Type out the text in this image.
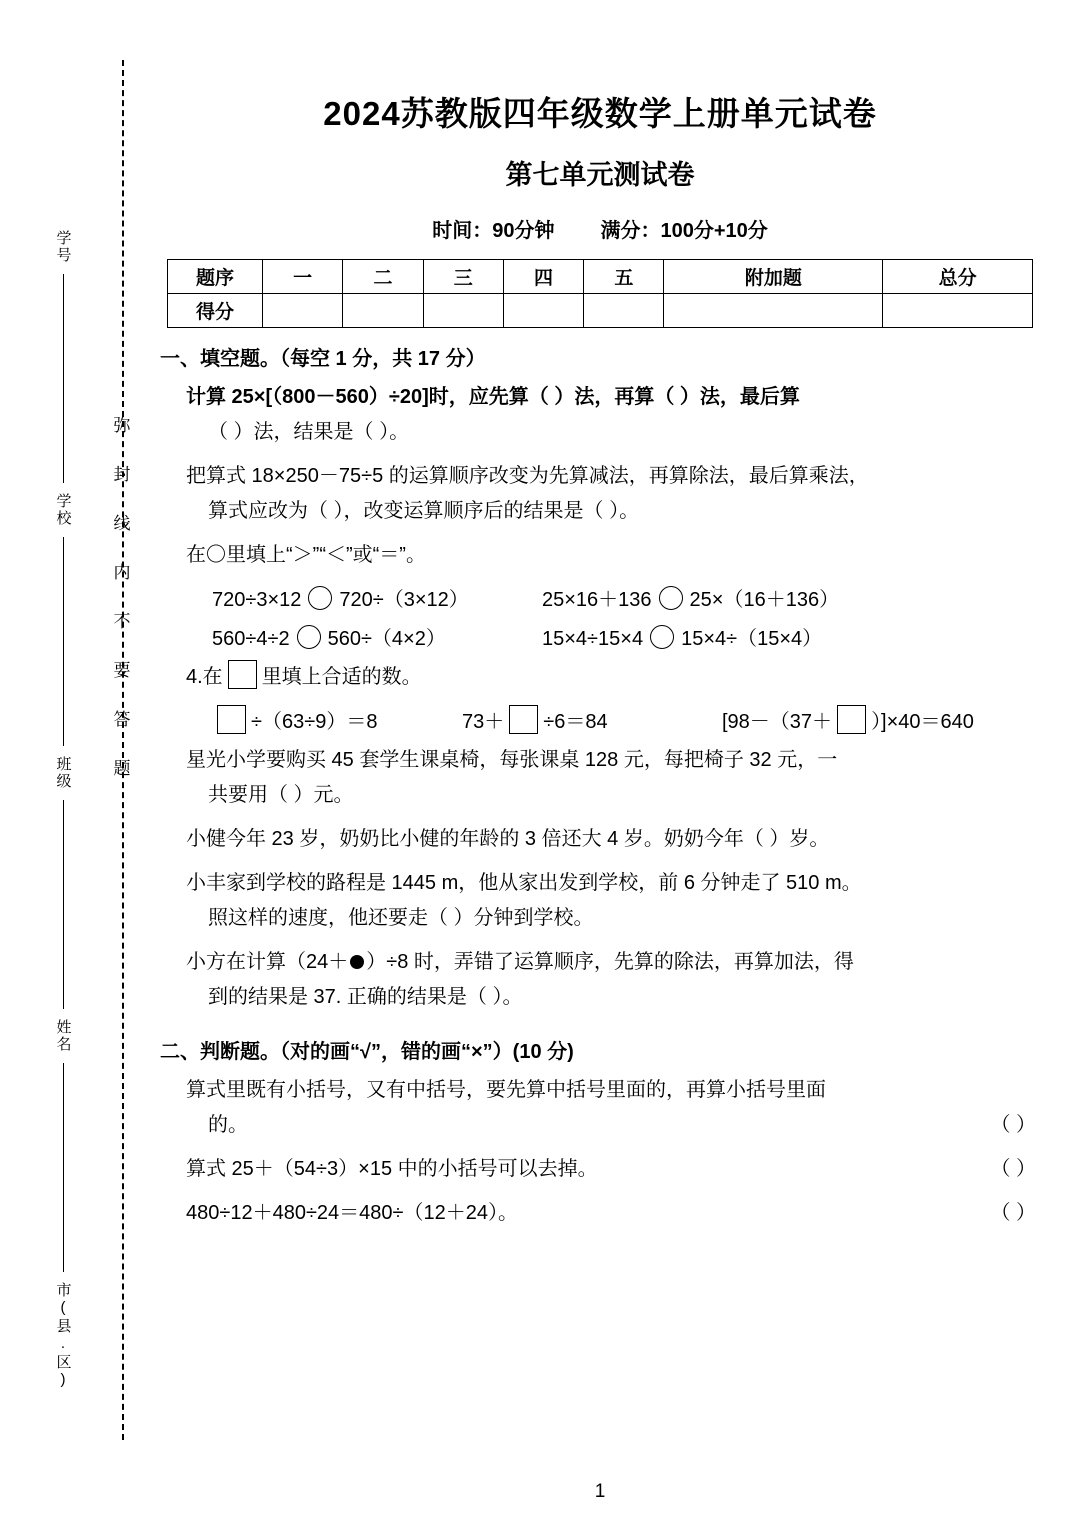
学号
学校
班级
姓名
市(县.区)
弥
封
线
内
不
要
答
题
2024苏教版四年级数学上册单元试卷
第七单元测试卷
时间：90分钟 满分：100分+10分
题序	一	二	三	四	五	附加题	总分
得分							
一、填空题。（每空 1 分，共 17 分）
计算 25×[（800－560）÷20]时，应先算（ ）法，再算（ ）法，最后算
（ ）法，结果是（ ）。
把算式 18×250－75÷5 的运算顺序改变为先算减法，再算除法，最后算乘法，
算式应改为（ ），改变运算顺序后的结果是（ ）。
在〇里填上“＞”“＜”或“＝”。
720÷3×12 720÷（3×12）	25×16＋136 25×（16＋136）
560÷4÷2 560÷（4×2）	15×4÷15×4 15×4÷（15×4）
4.在 里填上合适的数。
÷（63÷9）＝8	73＋ ÷6＝84	[98－（37＋ ）]×40＝640
星光小学要购买 45 套学生课桌椅，每张课桌 128 元，每把椅子 32 元，一
共要用（ ）元。
小健今年 23 岁，奶奶比小健的年龄的 3 倍还大 4 岁。奶奶今年（ ）岁。
小丰家到学校的路程是 1445 m，他从家出发到学校，前 6 分钟走了 510 m。
照这样的速度，他还要走（ ）分钟到学校。
小方在计算（24＋ ）÷8 时，弄错了运算顺序，先算的除法，再算加法，得
到的结果是 37. 正确的结果是（ ）。
二、判断题。（对的画“√”，错的画“×”）(10 分)
算式里既有小括号，又有中括号，要先算中括号里面的，再算小括号里面
的。	（ ）
算式 25＋（54÷3）×15 中的小括号可以去掉。	（ ）
480÷12＋480÷24＝480÷（12＋24）。	（ ）
1
